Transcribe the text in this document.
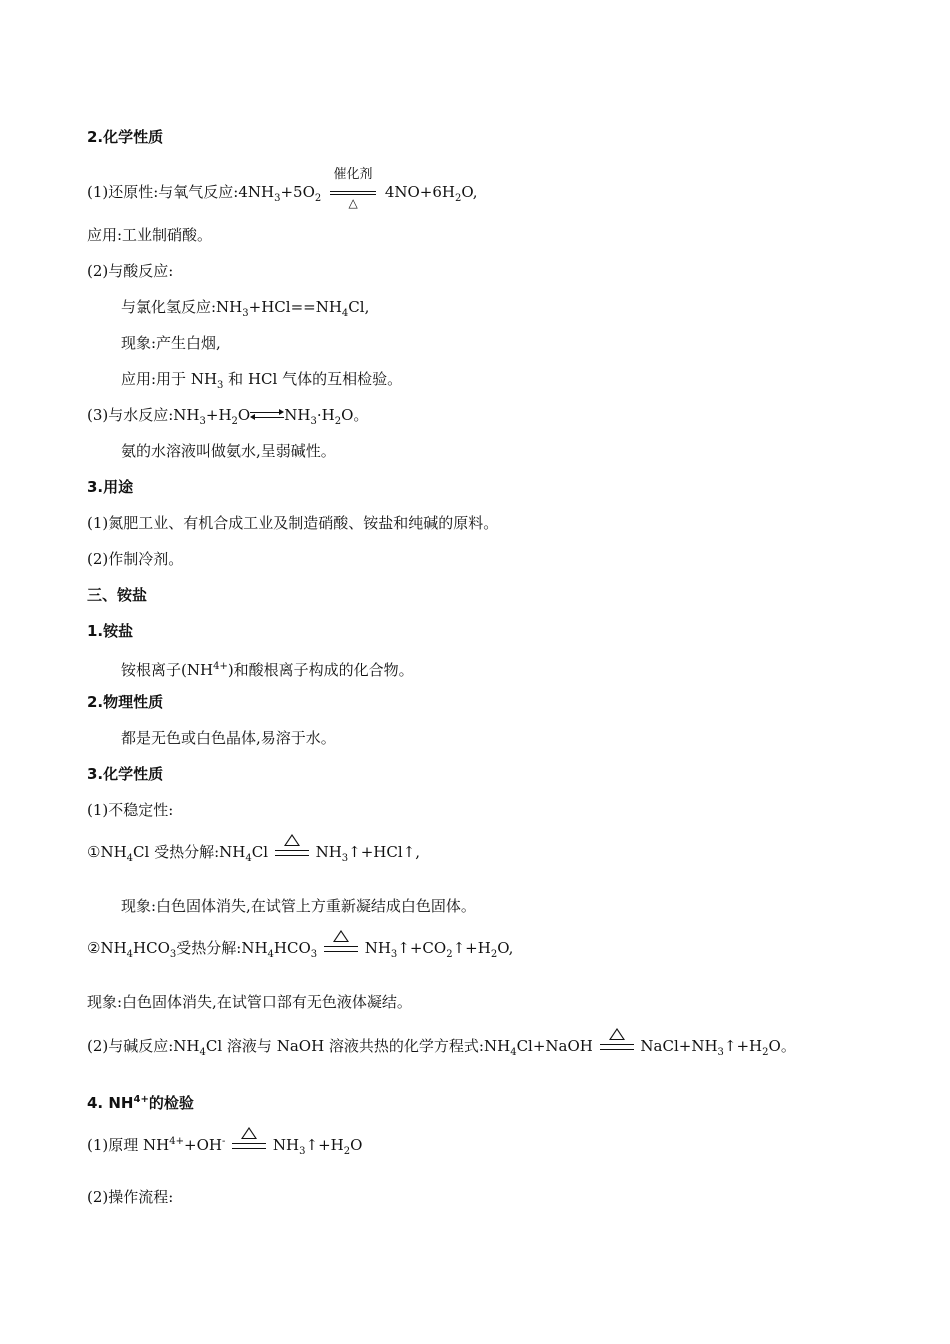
2.化学性质
(1)还原性:与氧气反应$:4NH_3+5O_2$
催化剂
△
$4NO+6H_2O$,
应用:工业制硝酸。
(2)与酸反应:
与氯化氢反应$:NH_3+HCl==NH_4Cl$,
现象:产生白烟,
应用:用于 $NH_3$ 和 HCl 气体的互相检验。
(3)与水反应$:NH_3+H_2O\rightleftharpoons NH_3\cdot H_2O$。
氨的水溶液叫做氨水,呈弱碱性。
3.用途
(1)氮肥工业、有机合成工业及制造硝酸、铵盐和纯碱的原料。
(2)作制冷剂。
三、铵盐
1.铵盐
铵根离子$(NH^{4+})$和酸根离子构成的化合物。
2.物理性质
都是无色或白色晶体,易溶于水。
3.化学性质
(1)不稳定性:
$①NH_4Cl$ 受热分解$:NH_4Cl$	$NH_3↑+HCl↑$,
现象:白色固体消失,在试管上方重新凝结成白色固体。
$②NH_4HCO_3$受热分解$:NH_4HCO_3$	$NH_3↑+CO_2↑+H_2O$,
现象:白色固体消失,在试管口部有无色液体凝结。
(2)与碱反应$:NH_4Cl$ 溶液与 NaOH 溶液共热的化学方程式$:NH_4Cl+NaOH$	$NaCl+NH_3↑+H_2O$。
4. $NH^{4+}$的检验
(1)原理 $NH^{4+}+OH^-$	$NH_3↑+H_2O$
(2)操作流程:
